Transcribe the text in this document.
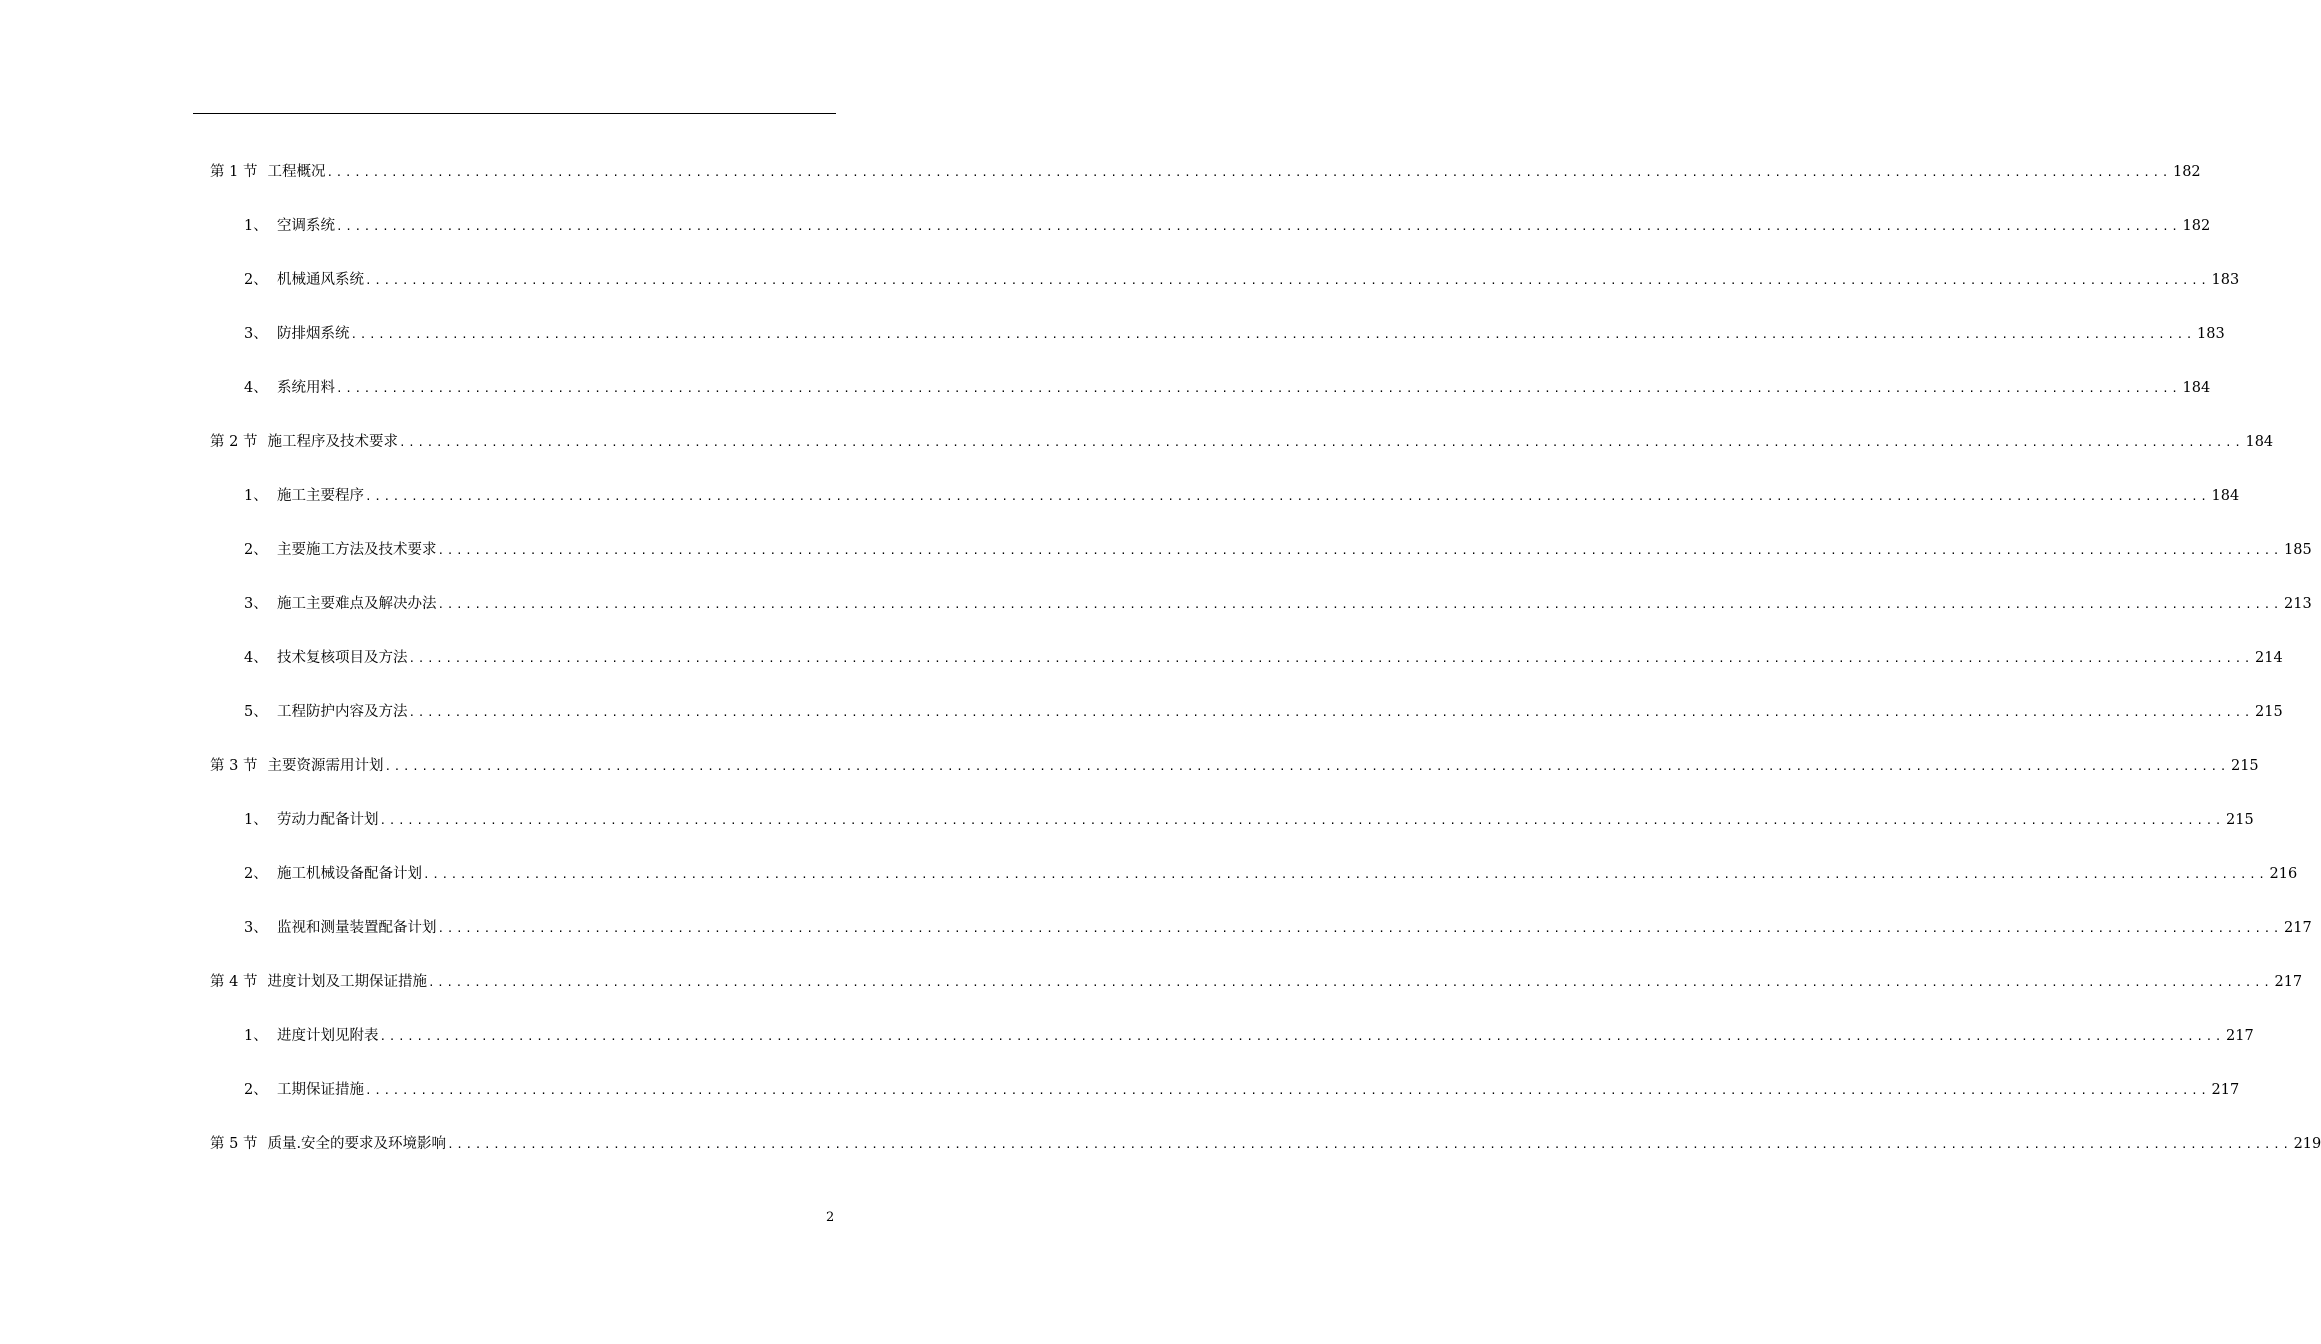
第 1 节 工程概况 ........................................................................................................................................................................................................ 182
1、 空调系统 ........................................................................................................................................................................................................ 182
2、 机械通风系统 ........................................................................................................................................................................................................ 183
3、 防排烟系统 ........................................................................................................................................................................................................ 183
4、 系统用料 ........................................................................................................................................................................................................ 184
第 2 节 施工程序及技术要求 ........................................................................................................................................................................................................ 184
1、 施工主要程序 ........................................................................................................................................................................................................ 184
2、 主要施工方法及技术要求 ........................................................................................................................................................................................................ 185
3、 施工主要难点及解决办法 ........................................................................................................................................................................................................ 213
4、 技术复核项目及方法 ........................................................................................................................................................................................................ 214
5、 工程防护内容及方法 ........................................................................................................................................................................................................ 215
第 3 节 主要资源需用计划 ........................................................................................................................................................................................................ 215
1、 劳动力配备计划 ........................................................................................................................................................................................................ 215
2、 施工机械设备配备计划 ........................................................................................................................................................................................................ 216
3、 监视和测量装置配备计划 ........................................................................................................................................................................................................ 217
第 4 节 进度计划及工期保证措施 ........................................................................................................................................................................................................ 217
1、 进度计划见附表 ........................................................................................................................................................................................................ 217
2、 工期保证措施 ........................................................................................................................................................................................................ 217
第 5 节 质量.安全的要求及环境影响 ........................................................................................................................................................................................................ 219
2
